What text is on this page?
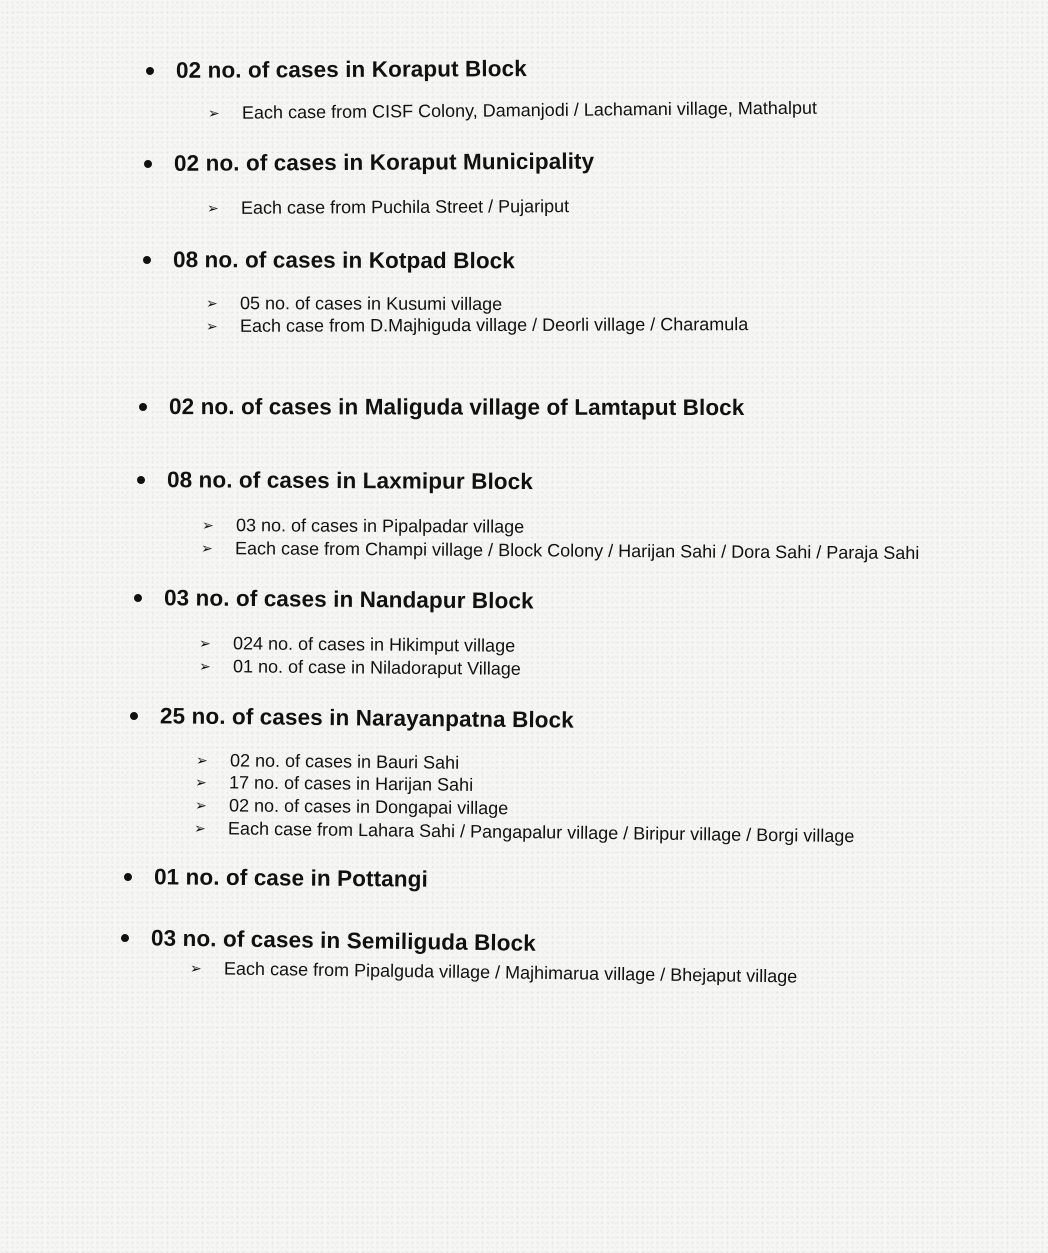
02 no. of cases in Koraput Block
➢ Each case from CISF Colony, Damanjodi / Lachamani village, Mathalput
02 no. of cases in Koraput Municipality
➢ Each case from Puchila Street / Pujariput
08 no. of cases in Kotpad Block
➢ 05 no. of cases in Kusumi village
➢ Each case from D.Majhiguda village / Deorli village / Charamula
02 no. of cases in Maliguda village of Lamtaput Block
08 no. of cases in Laxmipur Block
➢ 03 no. of cases in Pipalpadar village
➢ Each case from Champi village / Block Colony / Harijan Sahi / Dora Sahi / Paraja Sahi
03 no. of cases in Nandapur Block
➢ 024 no. of cases in Hikimput village
➢ 01 no. of case in Niladoraput Village
25 no. of cases in Narayanpatna Block
➢ 02 no. of cases in Bauri Sahi
➢ 17 no. of cases in Harijan Sahi
➢ 02 no. of cases in Dongapai village
➢ Each case from Lahara Sahi / Pangapalur village / Biripur village / Borgi village
01 no. of case in Pottangi
03 no. of cases in Semiliguda Block
➢ Each case from Pipalguda village / Majhimarua village / Bhejaput village
